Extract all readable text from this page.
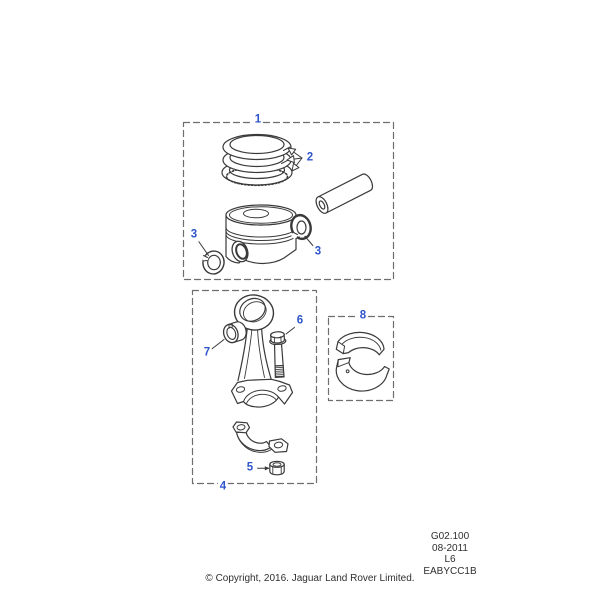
1
2
3
3
4
5
6
7
8
G02.100
08-2011
L6
EABYCC1B
© Copyright, 2016. Jaguar Land Rover Limited.
